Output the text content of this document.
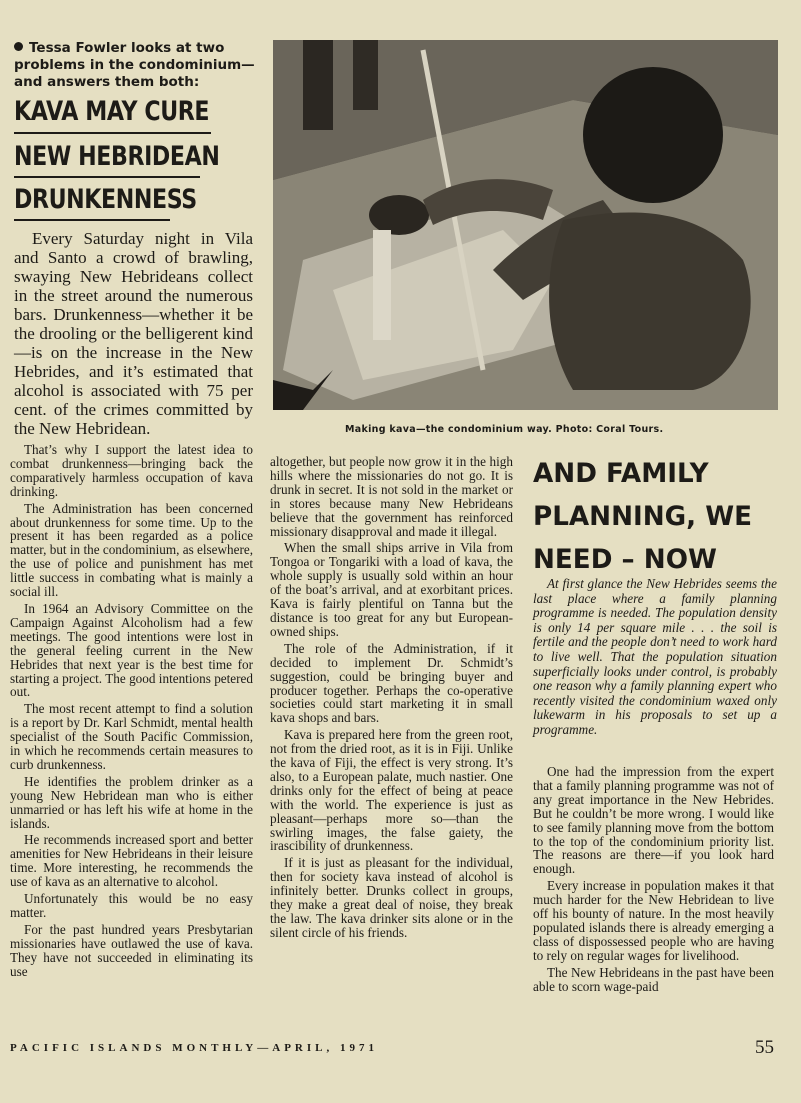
Tessa Fowler looks at two problems in the condominium—and answers them both:
KAVA MAY CURE
NEW HEBRIDEAN
DRUNKENNESS
Every Saturday night in Vila and Santo a crowd of brawling, swaying New Hebrideans collect in the street around the numerous bars. Drunkenness—whether it be the drooling or the belligerent kind—is on the increase in the New Hebrides, and it’s estimated that alcohol is associated with 75 per cent. of the crimes committed by the New Hebridean.	Making kava—the condominium way. Photo: Coral Tours.

That’s why I support the latest idea to combat drunkenness—bringing back the comparatively harmless occupation of kava drinking.

The Administration has been concerned about drunkenness for some time. Up to the present it has been regarded as a police matter, but in the condominium, as elsewhere, the use of police and punishment has met little success in combating what is mainly a social ill.

In 1964 an Advisory Committee on the Campaign Against Alcoholism had a few meetings. The good intentions were lost in the general feeling current in the New Hebrides that next year is the best time for starting a project. The good intentions petered out.

The most recent attempt to find a solution is a report by Dr. Karl Schmidt, mental health specialist of the South Pacific Commission, in which he recommends certain measures to curb drunkenness.

He identifies the problem drinker as a young New Hebridean man who is either unmarried or has left his wife at home in the islands.

He recommends increased sport and better amenities for New Hebrideans in their leisure time. More interesting, he recommends the use of kava as an alternative to alcohol.

Unfortunately this would be no easy matter.

For the past hundred years Presbytarian missionaries have outlawed the use of kava. They have not succeeded in eliminating its use

altogether, but people now grow it in the high hills where the missionaries do not go. It is drunk in secret. It is not sold in the market or in stores because many New Hebrideans believe that the government has reinforced missionary disapproval and made it illegal.

When the small ships arrive in Vila from Tongoa or Tongariki with a load of kava, the whole supply is usually sold within an hour of the boat’s arrival, and at exorbitant prices. Kava is fairly plentiful on Tanna but the distance is too great for any but European-owned ships.

The role of the Administration, if it decided to implement Dr. Schmidt’s suggestion, could be bringing buyer and producer together. Perhaps the co-operative societies could start marketing it in small kava shops and bars.

Kava is prepared here from the green root, not from the dried root, as it is in Fiji. Unlike the kava of Fiji, the effect is very strong. It’s also, to a European palate, much nastier. One drinks only for the effect of being at peace with the world. The experience is just as pleasant—perhaps more so—than the swirling images, the false gaiety, the irascibility of drunkenness.

If it is just as pleasant for the individual, then for society kava instead of alcohol is infinitely better. Drunks collect in groups, they make a great deal of noise, they break the law. The kava drinker sits alone or in the silent circle of his friends.

AND FAMILY
PLANNING, WE
NEED – NOW
At first glance the New Hebrides seems the last place where a family planning programme is needed. The population density is only 14 per square mile . . . the soil is fertile and the people don’t need to work hard to live well. That the population situation superficially looks under control, is probably one reason why a family planning expert who recently visited the condominium waxed only lukewarm in his proposals to set up a programme.

One had the impression from the expert that a family planning programme was not of any great importance in the New Hebrides. But he couldn’t be more wrong. I would like to see family planning move from the bottom to the top of the condominium priority list. The reasons are there—if you look hard enough.

Every increase in population makes it that much harder for the New Hebridean to live off his bounty of nature. In the most heavily populated islands there is already emerging a class of dispossessed people who are having to rely on regular wages for livelihood.

The New Hebrideans in the past have been able to scorn wage-paid

PACIFIC ISLANDS MONTHLY—APRIL, 1971	55
